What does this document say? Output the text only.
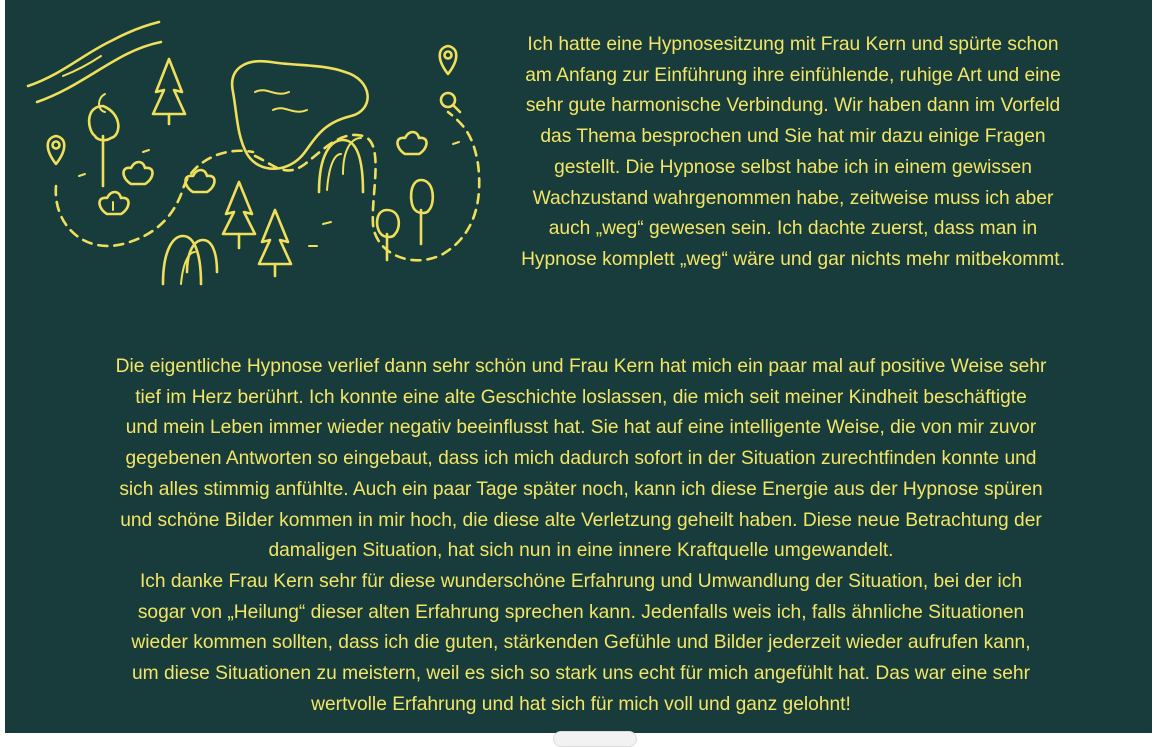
Ich hatte eine Hypnosesitzung mit Frau Kern und spürte schon
am Anfang zur Einführung ihre einfühlende, ruhige Art und eine
sehr gute harmonische Verbindung. Wir haben dann im Vorfeld
das Thema besprochen und Sie hat mir dazu einige Fragen
gestellt. Die Hypnose selbst habe ich in einem gewissen
Wachzustand wahrgenommen habe, zeitweise muss ich aber
auch „weg“ gewesen sein. Ich dachte zuerst, dass man in
Hypnose komplett „weg“ wäre und gar nichts mehr mitbekommt.

Die eigentliche Hypnose verlief dann sehr schön und Frau Kern hat mich ein paar mal auf positive Weise sehr
tief im Herz berührt. Ich konnte eine alte Geschichte loslassen, die mich seit meiner Kindheit beschäftigte
und mein Leben immer wieder negativ beeinflusst hat. Sie hat auf eine intelligente Weise, die von mir zuvor
gegebenen Antworten so eingebaut, dass ich mich dadurch sofort in der Situation zurechtfinden konnte und
sich alles stimmig anfühlte. Auch ein paar Tage später noch, kann ich diese Energie aus der Hypnose spüren
und schöne Bilder kommen in mir hoch, die diese alte Verletzung geheilt haben. Diese neue Betrachtung der
damaligen Situation, hat sich nun in eine innere Kraftquelle umgewandelt.
Ich danke Frau Kern sehr für diese wunderschöne Erfahrung und Umwandlung der Situation, bei der ich
sogar von „Heilung“ dieser alten Erfahrung sprechen kann. Jedenfalls weis ich, falls ähnliche Situationen
wieder kommen sollten, dass ich die guten, stärkenden Gefühle und Bilder jederzeit wieder aufrufen kann,
um diese Situationen zu meistern, weil es sich so stark uns echt für mich angefühlt hat. Das war eine sehr
wertvolle Erfahrung und hat sich für mich voll und ganz gelohnt!
